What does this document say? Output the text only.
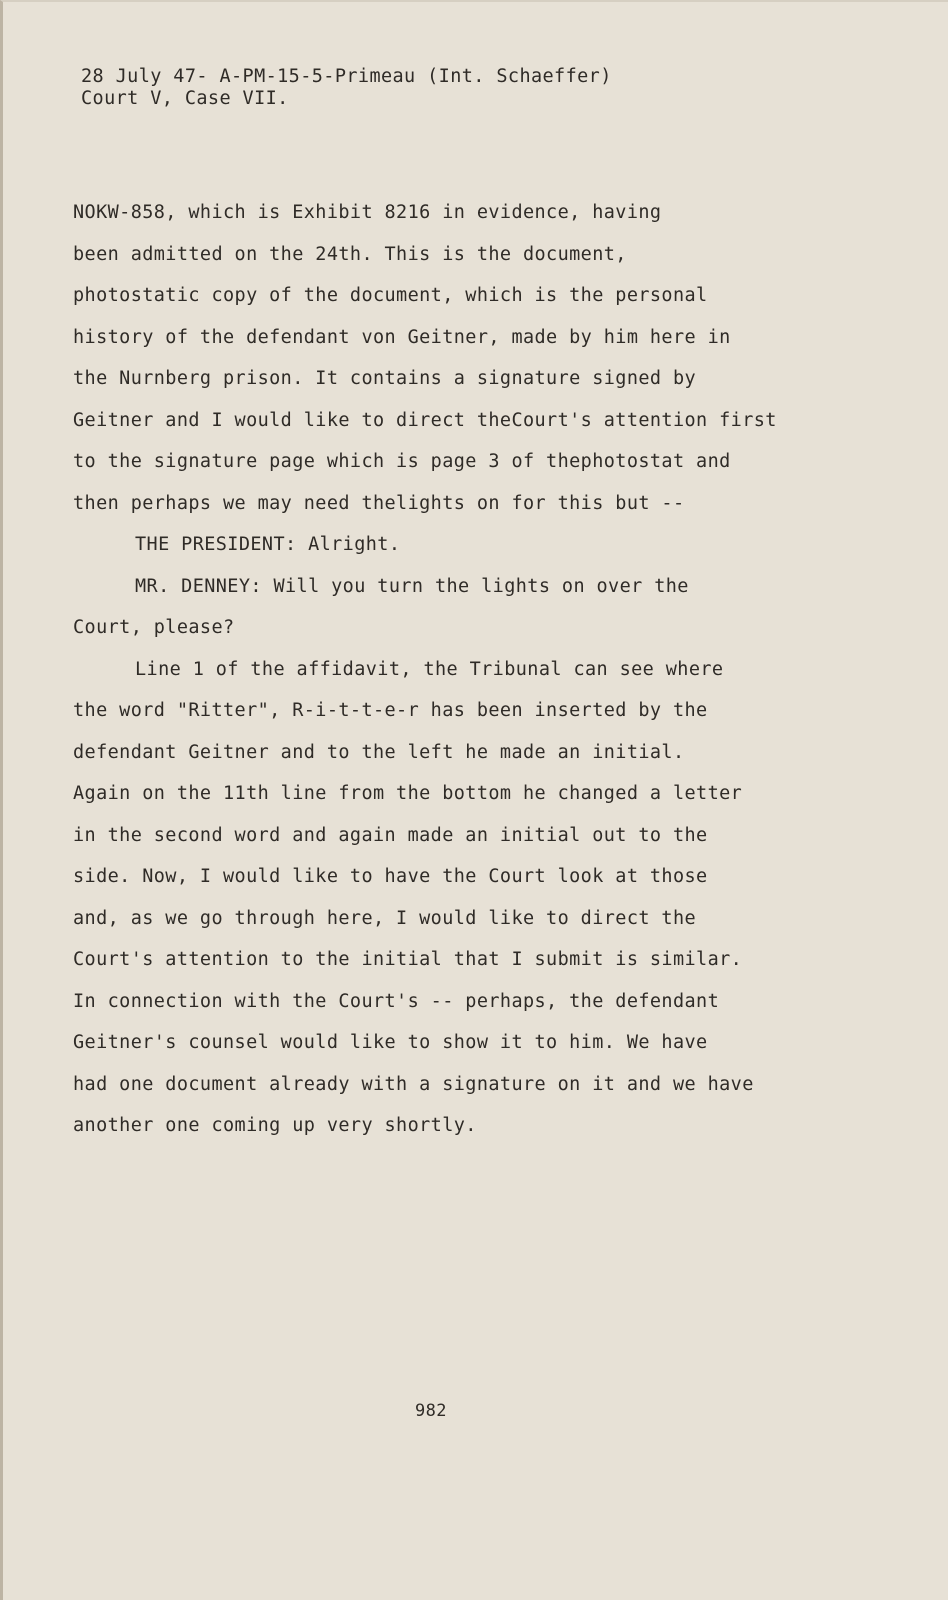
28 July 47- A-PM-15-5-Primeau (Int. Schaeffer)
Court V, Case VII.
NOKW-858, which is Exhibit 8216 in evidence, having
been admitted on the 24th. This is the document,
photostatic copy of the document, which is the personal
history of the defendant von Geitner, made by him here in
the Nurnberg prison. It contains a signature signed by
Geitner and I would like to direct theCourt's attention first
to the signature page which is page 3 of thephotostat and
then perhaps we may need thelights on for this but --
THE PRESIDENT: Alright.
MR. DENNEY: Will you turn the lights on over the
Court, please?
Line 1 of the affidavit, the Tribunal can see where
the word "Ritter", R-i-t-t-e-r has been inserted by the
defendant Geitner and to the left he made an initial.
Again on the 11th line from the bottom he changed a letter
in the second word and again made an initial out to the
side. Now, I would like to have the Court look at those
and, as we go through here, I would like to direct the
Court's attention to the initial that I submit is similar.
In connection with the Court's -- perhaps, the defendant
Geitner's counsel would like to show it to him. We have
had one document already with a signature on it and we have
another one coming up very shortly.
982
